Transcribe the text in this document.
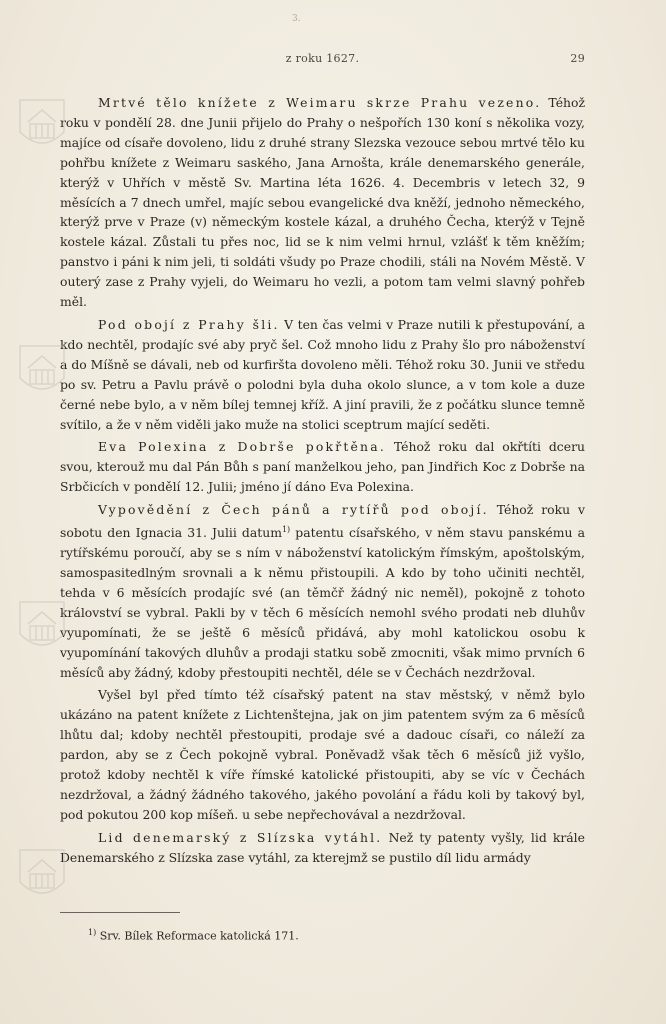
3.
z roku 1627.	29

Mrtvé tělo knížete z Weimaru skrze Prahu vezeno. Téhož roku v pondělí 28. dne Junii přijelo do Prahy o nešpořích 130 koní s několika vozy, majíce od císaře dovoleno, lidu z druhé strany Slezska vezouce sebou mrtvé tělo ku pohřbu knížete z Weimaru saského, Jana Arnošta, krále denemarského generále, kterýž v Uhřích v městě Sv. Martina léta 1626. 4. Decembris v letech 32, 9 měsících a 7 dnech umřel, majíc sebou evangelické dva kněží, jednoho německého, kterýž prve v Praze (v) německým kostele kázal, a druhého Čecha, kterýž v Tejně kostele kázal. Zůstali tu přes noc, lid se k nim velmi hrnul, vzlášť k těm kněžím; panstvo i páni k nim jeli, ti soldáti všudy po Praze chodili, stáli na Novém Městě. V outerý zase z Prahy vyjeli, do Weimaru ho vezli, a potom tam velmi slavný pohřeb měl.

Pod obojí z Prahy šli. V ten čas velmi v Praze nutili k přestupování, a kdo nechtěl, prodajíc své aby pryč šel. Což mnoho lidu z Prahy šlo pro náboženství a do Míšně se dávali, neb od kurfiršta dovoleno měli. Téhož roku 30. Junii ve středu po sv. Petru a Pavlu právě o polodni byla duha okolo slunce, a v tom kole a duze černé nebe bylo, a v něm bílej temnej kříž. A jiní pravili, že z počátku slunce temně svítilo, a že v něm viděli jako muže na stolici sceptrum mající seděti.

Eva Polexina z Dobrše pokřtěna. Téhož roku dal okřtíti dceru svou, kterouž mu dal Pán Bůh s paní manželkou jeho, pan Jindřich Koc z Dobrše na Srbčicích v pondělí 12. Julii; jméno jí dáno Eva Polexina.

Vypovědění z Čech pánů a rytířů pod obojí. Téhož roku v sobotu den Ignacia 31. Julii datum$^{1)}$ patentu císařského, v něm stavu panskému a rytířskému poroučí, aby se s ním v náboženství katolickým římským, apoštolským, samospasitedlným srovnali a k němu přistoupili. A kdo by toho učiniti nechtěl, tehda v 6 měsících prodajíc své (an těmčř žádný nic neměl), pokojně z tohoto království se vybral. Pakli by v těch 6 měsících nemohl svého prodati neb dluhův vyupomínati, že se ještě 6 měsíců přidává, aby mohl katolickou osobu k vyupomínání takových dluhův a prodaji statku sobě zmocniti, však mimo prvních 6 měsíců aby žádný, kdoby přestoupiti nechtěl, déle se v Čechách nezdržoval.

Vyšel byl před tímto též císařský patent na stav městský, v němž bylo ukázáno na patent knížete z Lichtenštejna, jak on jim patentem svým za 6 měsíců lhůtu dal; kdoby nechtěl přestoupiti, prodaje své a dadouc císaři, co náleží za pardon, aby se z Čech pokojně vybral. Poněvadž však těch 6 měsíců již vyšlo, protož kdoby nechtěl k víře římské katolické přistoupiti, aby se víc v Čechách nezdržoval, a žádný žádného takového, jakého povolání a řádu koli by takový byl, pod pokutou 200 kop míšeň. u sebe nepřechovával a nezdržoval.

Lid denemarský z Slízska vytáhl. Než ty patenty vyšly, lid krále Denemarského z Slízska zase vytáhl, za kterejmž se pustilo díl lidu armády

$^{1)}$ Srv. Bílek Reformace katolická 171.
